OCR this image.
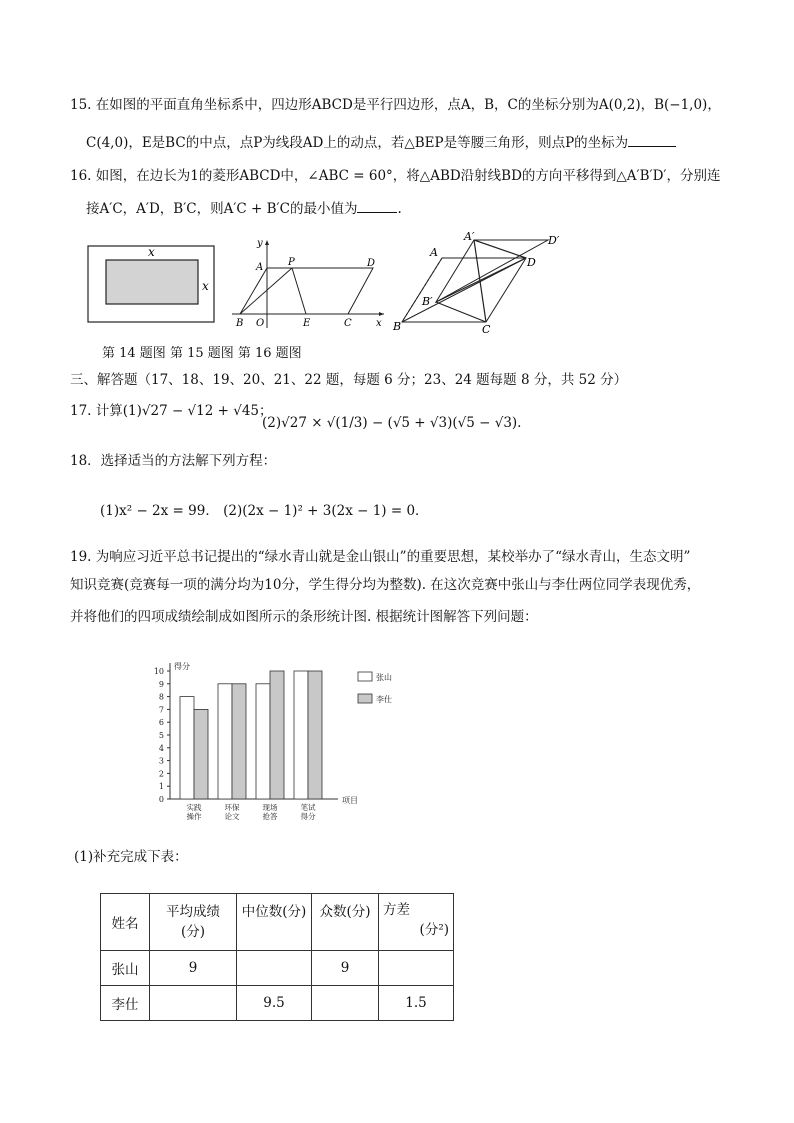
15. 在如图的平面直角坐标系中，四边形ABCD是平行四边形，点A，B，C的坐标分别为A(0,2)，B(−1,0)，
C(4,0)，E是BC的中点，点P为线段AD上的动点，若△BEP是等腰三角形，则点P的坐标为
16. 如图，在边长为1的菱形ABCD中，∠ABC = 60°，将△ABD沿射线BD的方向平移得到△A′B′D′，分别连
接A′C，A′D，B′C，则A′C + B′C的最小值为	.
x
x
y
x
A P	D
B O	E	C
A′	D′
A
D
B′
B	C
第 14 题图 第 15 题图 第 16 题图
三、解答题（17、18、19、20、21、22 题，每题 6 分；23、24 题每题 8 分，共 52 分）
17. 计算(1)√27 − √12 + √45；
(2)√27 × √(1/3) − (√5 + √3)(√5 − √3).
18．选择适当的方法解下列方程：
(1)x² − 2x = 99． (2)(2x − 1)² + 3(2x − 1) = 0．
19. 为响应习近平总书记提出的“绿水青山就是金山银山”的重要思想，某校举办了“绿水青山，生态文明”
知识竞赛(竞赛每一项的满分均为10分，学生得分均为整数). 在这次竞赛中张山与李仕两位同学表现优秀，
并将他们的四项成绩绘制成如图所示的条形统计图. 根据统计图解答下列问题：
0
1
2
3
4
5
6
7
8
9
10
得分
项目
实践
操作
环保
论文
现场
抢答
笔试
得分
张山
李仕
(1)补充完成下表：
姓名	平均成绩(分)	中位数(分)	众数(分)	方差
(分²)

张山	9		9	
李仕		9.5		1.5
